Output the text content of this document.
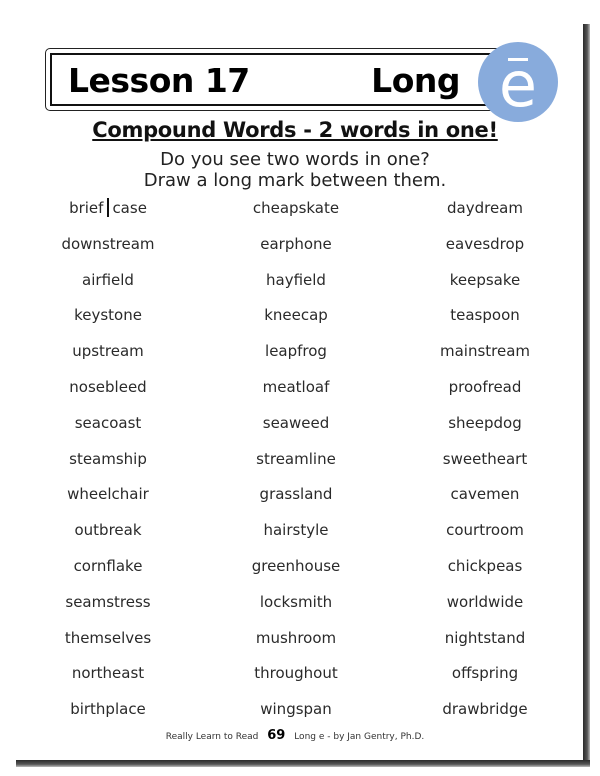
Lesson 17	Long e
Compound Words - 2 words in one!
Do you see two words in one?
Draw a long mark between them.
brief case	cheapskate	daydream
downstream	earphone	eavesdrop
airfield	hayfield	keepsake
keystone	kneecap	teaspoon
upstream	leapfrog	mainstream
nosebleed	meatloaf	proofread
seacoast	seaweed	sheepdog
steamship	streamline	sweetheart
wheelchair	grassland	cavemen
outbreak	hairstyle	courtroom
cornflake	greenhouse	chickpeas
seamstress	locksmith	worldwide
themselves	mushroom	nightstand
northeast	throughout	offspring
birthplace	wingspan	drawbridge
Really Learn to Read 69 Long e - by Jan Gentry, Ph.D.
